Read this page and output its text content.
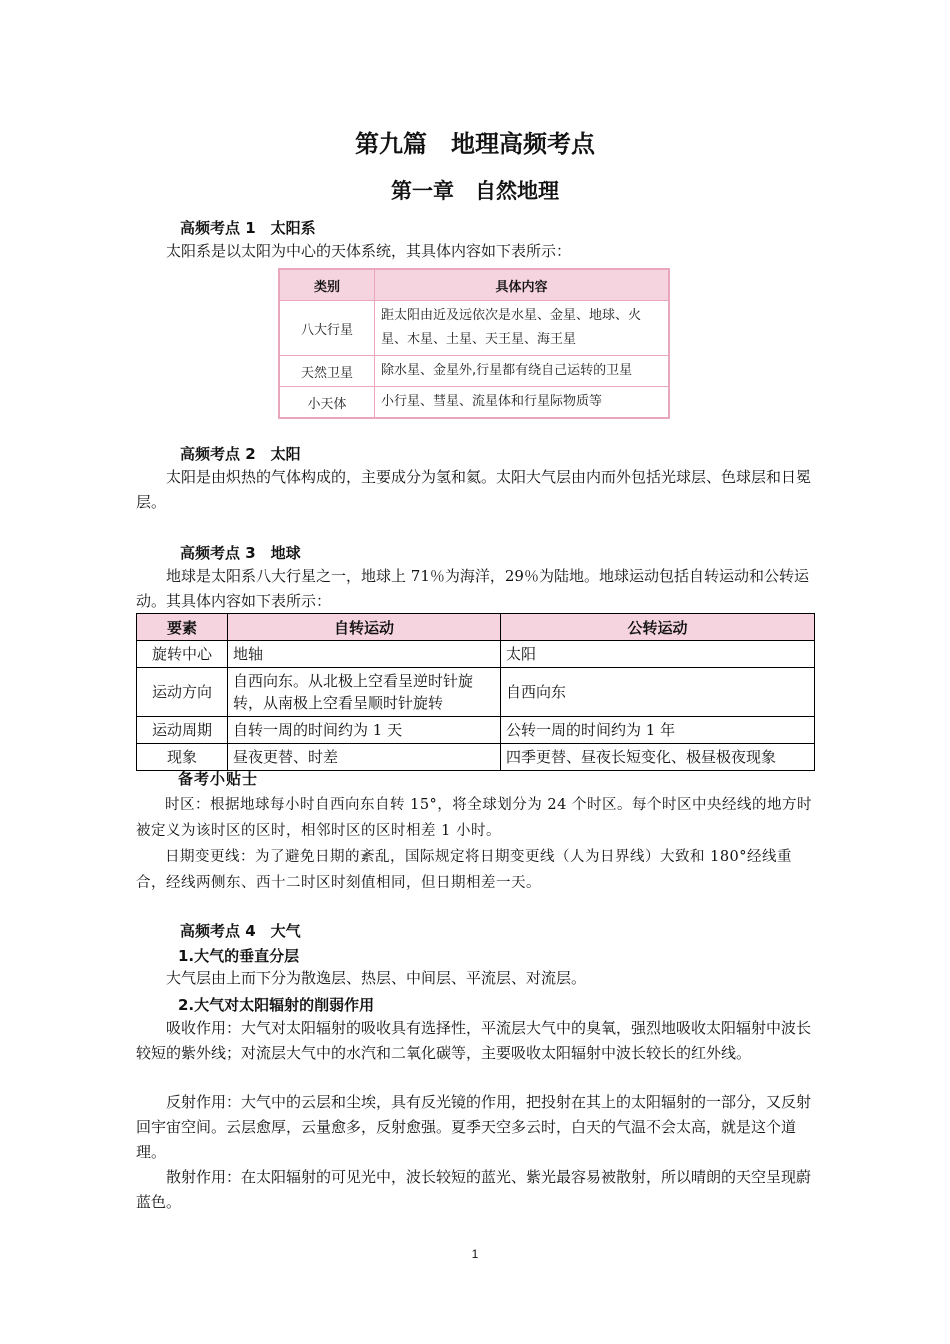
第九篇　地理高频考点
第一章　自然地理
高频考点 1　太阳系

太阳系是以太阳为中心的天体系统，其具体内容如下表所示：

类别	具体内容
八大行星	距太阳由近及远依次是水星、金星、地球、火星、木星、土星、天王星、海王星
天然卫星	除水星、金星外,行星都有绕自己运转的卫星
小天体	小行星、彗星、流星体和行星际物质等
高频考点 2　太阳

太阳是由炽热的气体构成的，主要成分为氢和氦。太阳大气层由内而外包括光球层、色球层和日冕层。

高频考点 3　地球

地球是太阳系八大行星之一，地球上 71％为海洋，29％为陆地。地球运动包括自转运动和公转运动。其具体内容如下表所示：

要素	自转运动	公转运动
旋转中心	地轴	太阳
运动方向	自西向东。从北极上空看呈逆时针旋转，从南极上空看呈顺时针旋转	自西向东
运动周期	自转一周的时间约为 1 天	公转一周的时间约为 1 年
现象	昼夜更替、时差	四季更替、昼夜长短变化、极昼极夜现象
备考小贴士

时区：根据地球每小时自西向东自转 15°，将全球划分为 24 个时区。每个时区中央经线的地方时被定义为该时区的区时，相邻时区的区时相差 1 小时。

日期变更线：为了避免日期的紊乱，国际规定将日期变更线（人为日界线）大致和 180°经线重合，经线两侧东、西十二时区时刻值相同，但日期相差一天。

高频考点 4　大气
1.大气的垂直分层

大气层由上而下分为散逸层、热层、中间层、平流层、对流层。

2.大气对太阳辐射的削弱作用

吸收作用：大气对太阳辐射的吸收具有选择性，平流层大气中的臭氧，强烈地吸收太阳辐射中波长较短的紫外线；对流层大气中的水汽和二氧化碳等，主要吸收太阳辐射中波长较长的红外线。

反射作用：大气中的云层和尘埃，具有反光镜的作用，把投射在其上的太阳辐射的一部分，又反射回宇宙空间。云层愈厚，云量愈多，反射愈强。夏季天空多云时，白天的气温不会太高，就是这个道理。

散射作用：在太阳辐射的可见光中，波长较短的蓝光、紫光最容易被散射，所以晴朗的天空呈现蔚蓝色。

1
